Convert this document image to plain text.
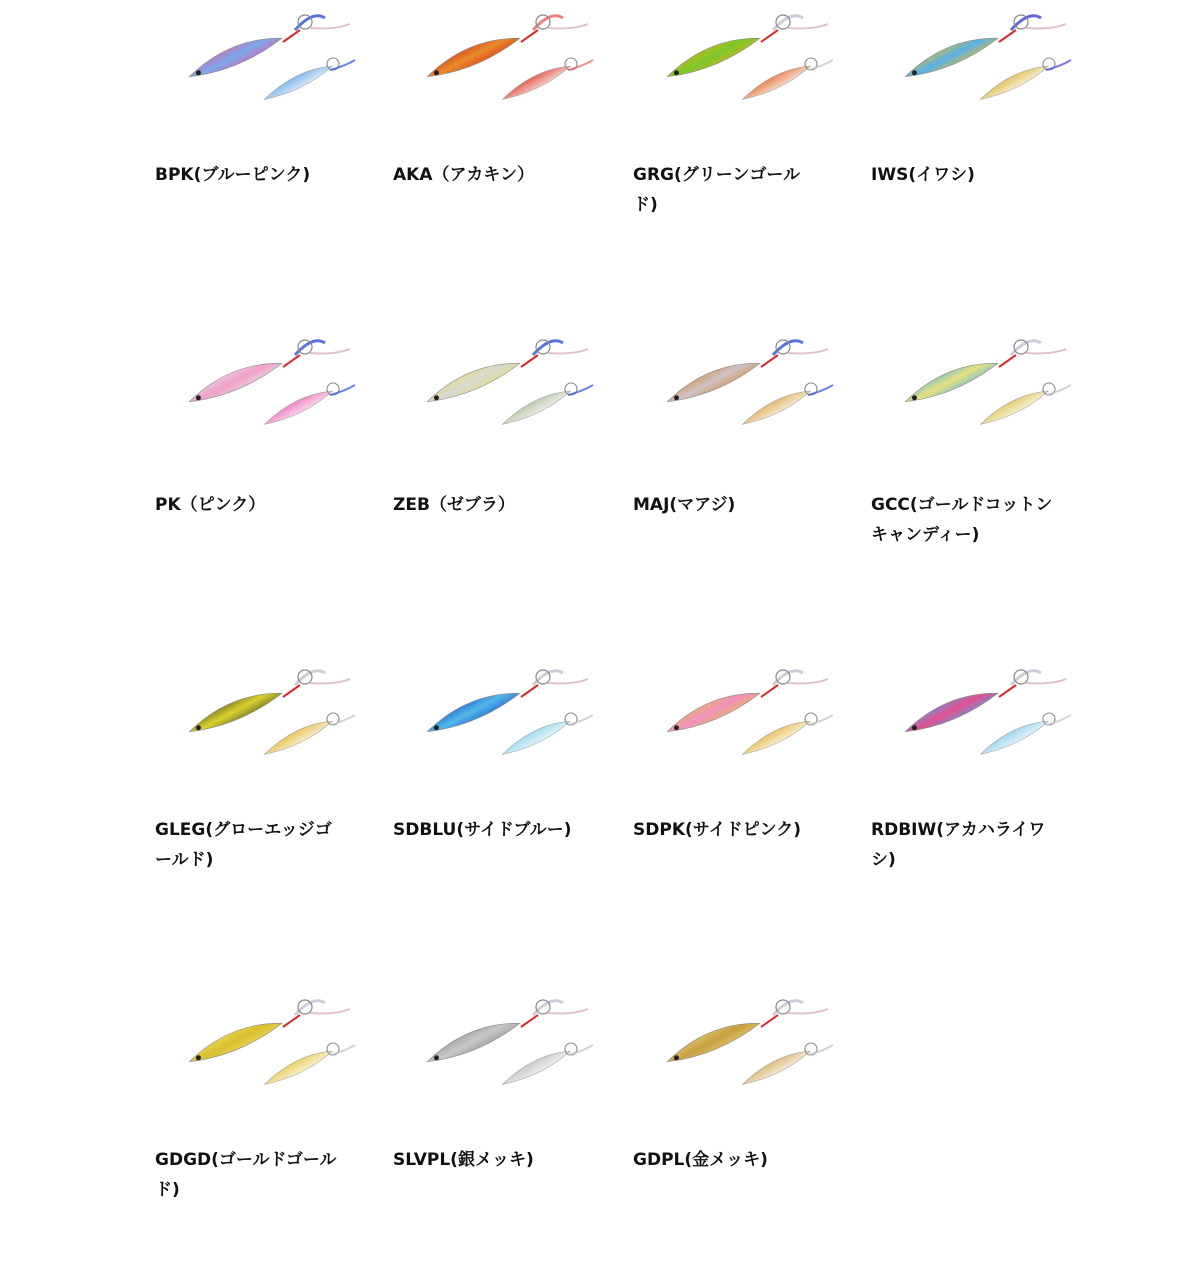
BPK(ブルーピンク)	AKA（アカキン）	GRG(グリーンゴールド)
IWS(イワシ)
PK（ピンク）	ZEB（ゼブラ）	MAJ(マアジ)	GCC(ゴールドコットンキャンディー)
GLEG(グローエッジゴールド)
SDBLU(サイドブルー)	SDPK(サイドピンク)	RDBIW(アカハライワシ)
GDGD(ゴールドゴールド)
SLVPL(銀メッキ)	GDPL(金メッキ)
